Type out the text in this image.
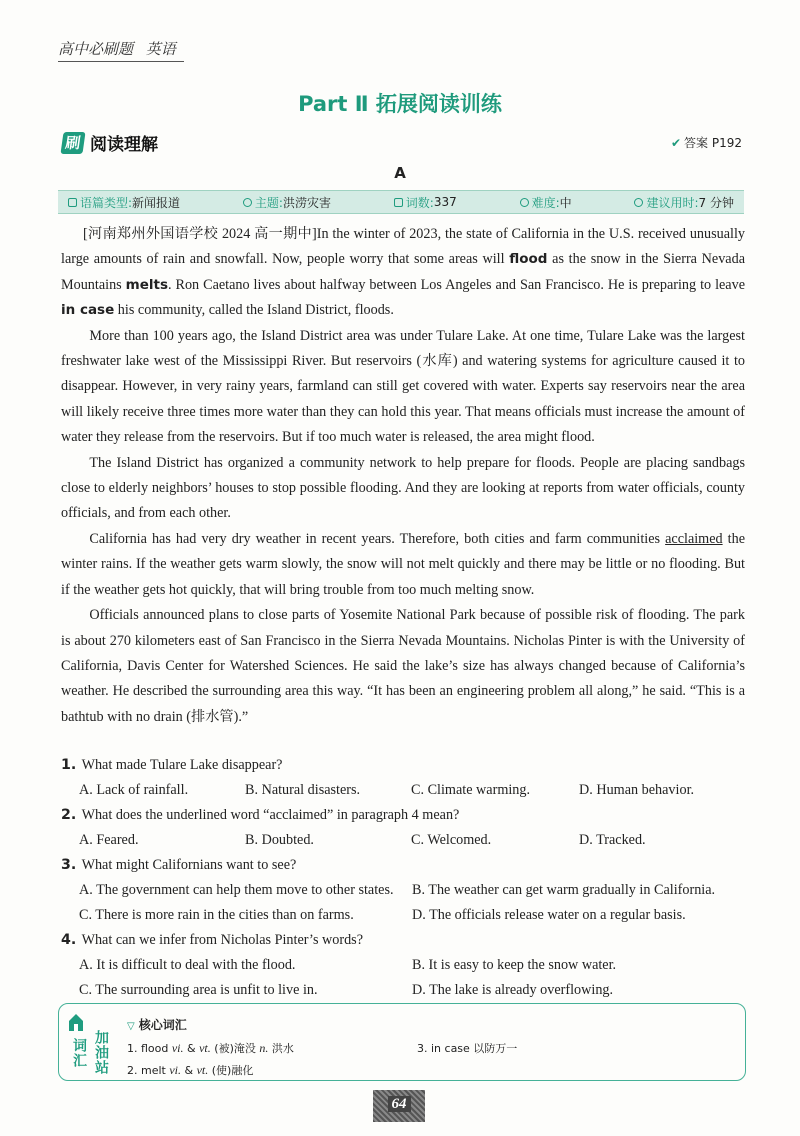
高中必刷题 英语
Part Ⅱ 拓展阅读训练
刷 阅读理解	✔ 答案 P192
A
语篇类型: 新闻报道	主题: 洪涝灾害	词数: 337	难度: 中	建议用时: 7 分钟

[河南郑州外国语学校 2024 高一期中]In the winter of 2023, the state of California in the U.S. received unusually large amounts of rain and snowfall. Now, people worry that some areas will flood as the snow in the Sierra Nevada Mountains melts. Ron Caetano lives about halfway between Los Angeles and San Francisco. He is preparing to leave in case his community, called the Island District, floods.

More than 100 years ago, the Island District area was under Tulare Lake. At one time, Tulare Lake was the largest freshwater lake west of the Mississippi River. But reservoirs (水库) and watering systems for agriculture caused it to disappear. However, in very rainy years, farmland can still get covered with water. Experts say reservoirs near the area will likely receive three times more water than they can hold this year. That means officials must increase the amount of water they release from the reservoirs. But if too much water is released, the area might flood.

The Island District has organized a community network to help prepare for floods. People are placing sandbags close to elderly neighbors’ houses to stop possible flooding. And they are looking at reports from water officials, county officials, and from each other.

California has had very dry weather in recent years. Therefore, both cities and farm communities acclaimed the winter rains. If the weather gets warm slowly, the snow will not melt quickly and there may be little or no flooding. But if the weather gets hot quickly, that will bring trouble from too much melting snow.

Officials announced plans to close parts of Yosemite National Park because of possible risk of flooding. The park is about 270 kilometers east of San Francisco in the Sierra Nevada Mountains. Nicholas Pinter is with the University of California, Davis Center for Watershed Sciences. He said the lake’s size has always changed because of California’s weather. He described the surrounding area this way. “It has been an engineering problem all along,” he said. “This is a bathtub with no drain (排水管).”

1. What made Tulare Lake disappear?
A. Lack of rainfall.	B. Natural disasters.	C. Climate warming.	D. Human behavior.
2. What does the underlined word “acclaimed” in paragraph 4 mean?
A. Feared.	B. Doubted.	C. Welcomed.	D. Tracked.
3. What might Californians want to see?
A. The government can help them move to other states.	B. The weather can get warm gradually in California.
C. There is more rain in the cities than on farms.	D. The officials release water on a regular basis.
4. What can we infer from Nicholas Pinter’s words?
A. It is difficult to deal with the flood.	B. It is easy to keep the snow water.
C. The surrounding area is unfit to live in.	D. The lake is already overflowing.
词汇 加油站
▽ 核心词汇
1. flood vi. & vt. (被)淹没 n. 洪水	3. in case 以防万一
2. melt vi. & vt. (使)融化
64
